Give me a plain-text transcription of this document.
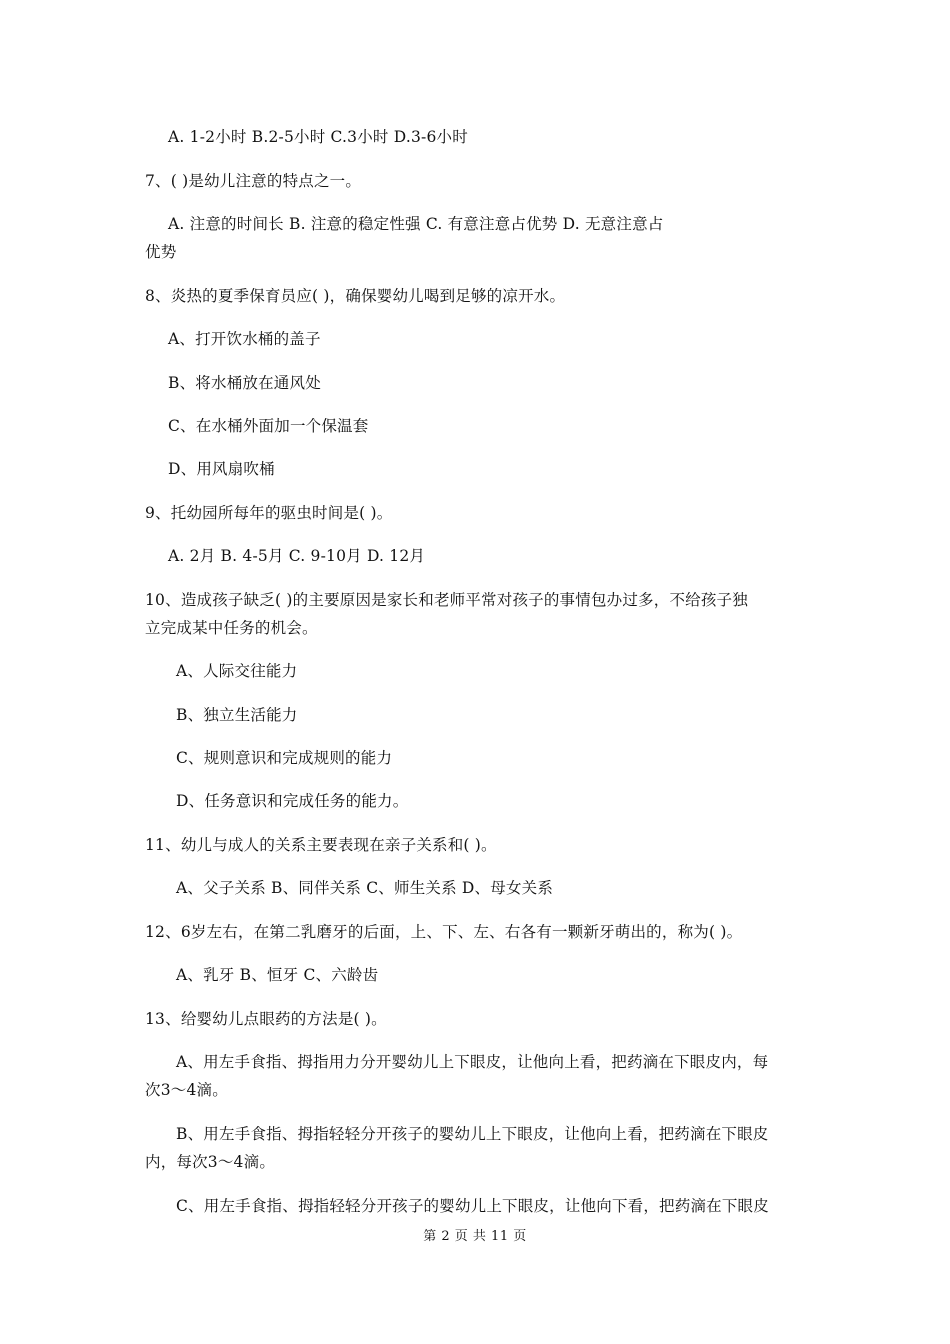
A. 1-2小时 B.2-5小时 C.3小时 D.3-6小时
7、( )是幼儿注意的特点之一。
A. 注意的时间长 B. 注意的稳定性强 C. 有意注意占优势 D. 无意注意占
优势
8、炎热的夏季保育员应( )，确保婴幼儿喝到足够的凉开水。
A、打开饮水桶的盖子
B、将水桶放在通风处
C、在水桶外面加一个保温套
D、用风扇吹桶
9、托幼园所每年的驱虫时间是( )。
A. 2月 B. 4-5月 C. 9-10月 D. 12月
10、造成孩子缺乏( )的主要原因是家长和老师平常对孩子的事情包办过多，不给孩子独
立完成某中任务的机会。
A、人际交往能力
B、独立生活能力
C、规则意识和完成规则的能力
D、任务意识和完成任务的能力。
11、幼儿与成人的关系主要表现在亲子关系和( )。
A、父子关系 B、同伴关系 C、师生关系 D、母女关系
12、6岁左右，在第二乳磨牙的后面，上、下、左、右各有一颗新牙萌出的，称为( )。
A、乳牙 B、恒牙 C、六龄齿
13、给婴幼儿点眼药的方法是( )。
A、用左手食指、拇指用力分开婴幼儿上下眼皮，让他向上看，把药滴在下眼皮内，每
次3～4滴。
B、用左手食指、拇指轻轻分开孩子的婴幼儿上下眼皮，让他向上看，把药滴在下眼皮
内，每次3～4滴。
C、用左手食指、拇指轻轻分开孩子的婴幼儿上下眼皮，让他向下看，把药滴在下眼皮
第 2 页 共 11 页
